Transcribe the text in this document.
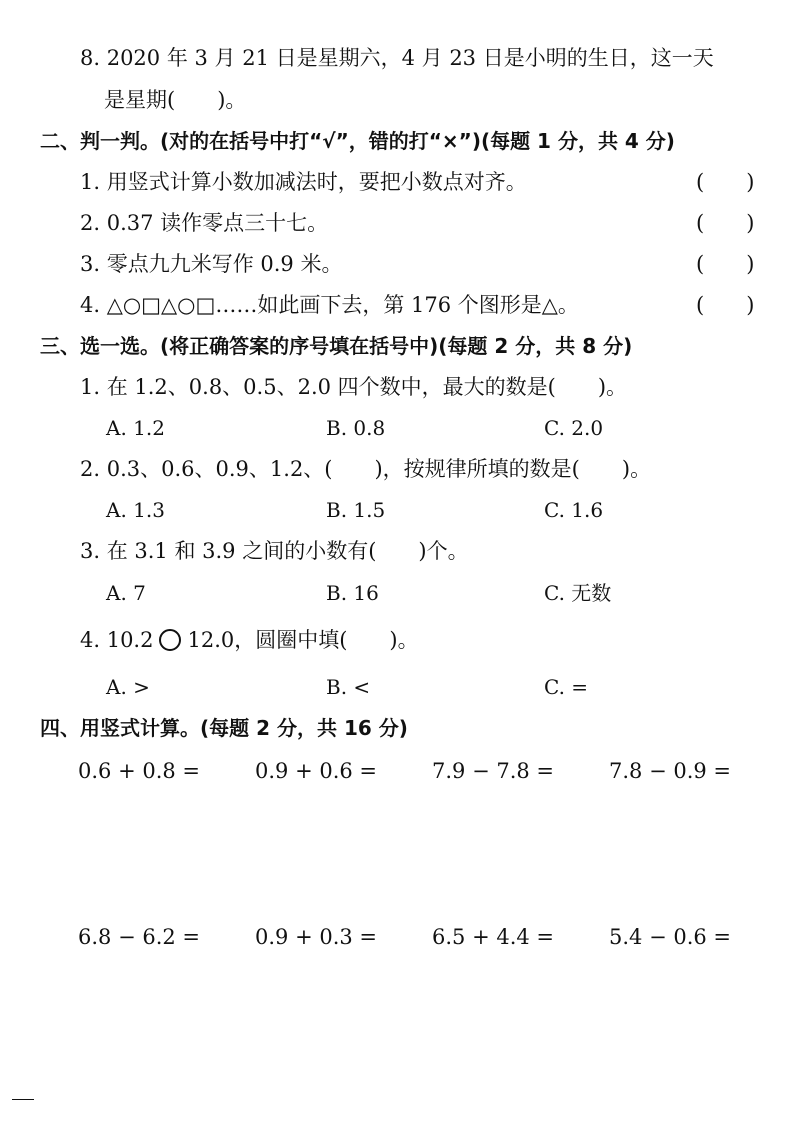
8. 2020 年 3 月 21 日是星期六，4 月 23 日是小明的生日，这一天
是星期(　　)。
二、判一判。(对的在括号中打“√”，错的打“×”)(每题 1 分，共 4 分)
1. 用竖式计算小数加减法时，要把小数点对齐。	(　　)
2. 0.37 读作零点三十七。	(　　)
3. 零点九九米写作 0.9 米。	(　　)
4. △○□△○□……如此画下去，第 176 个图形是△。	(　　)
三、选一选。(将正确答案的序号填在括号中)(每题 2 分，共 8 分)
1. 在 1.2、0.8、0.5、2.0 四个数中，最大的数是(　　)。
A. 1.2	B. 0.8	C. 2.0
2. 0.3、0.6、0.9、1.2、(　　)，按规律所填的数是(　　)。
A. 1.3	B. 1.5	C. 1.6
3. 在 3.1 和 3.9 之间的小数有(　　)个。
A. 7	B. 16	C. 无数
4. 10.2 12.0，圆圈中填(　　)。
A. >	B. <	C. =
四、用竖式计算。(每题 2 分，共 16 分)
0.6 + 0.8 =	0.9 + 0.6 =	7.9 − 7.8 =	7.8 − 0.9 =
6.8 − 6.2 =	0.9 + 0.3 =	6.5 + 4.4 =	5.4 − 0.6 =
